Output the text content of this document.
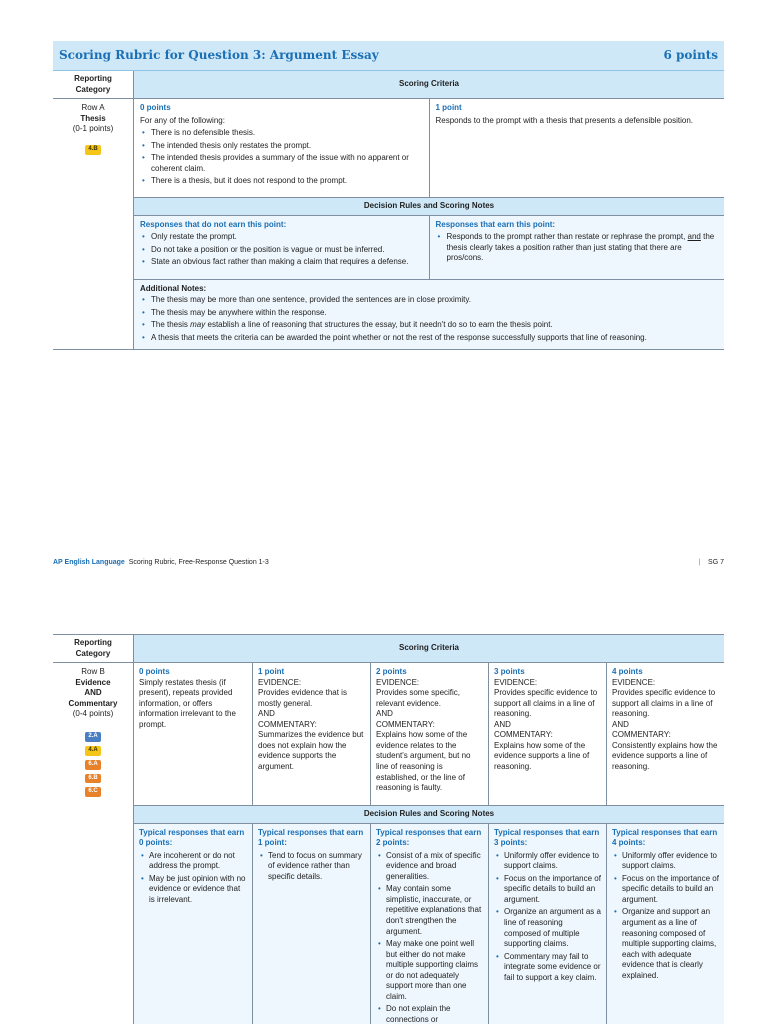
Scoring Rubric for Question 3: Argument Essay	6 points
Reporting Category
Scoring Criteria
Row A
Thesis
(0-1 points)
4.B
0 points
For any of the following:
• There is no defensible thesis.
• The intended thesis only restates the prompt.
• The intended thesis provides a summary of the issue with no apparent or coherent claim.
• There is a thesis, but it does not respond to the prompt.
1 point
Responds to the prompt with a thesis that presents a defensible position.
Decision Rules and Scoring Notes
Responses that do not earn this point:
• Only restate the prompt.
• Do not take a position or the position is vague or must be inferred.
• State an obvious fact rather than making a claim that requires a defense.
Responses that earn this point:
• Responds to the prompt rather than restate or rephrase the prompt, and the thesis clearly takes a position rather than just stating that there are pros/cons.
Additional Notes:
• The thesis may be more than one sentence, provided the sentences are in close proximity.
• The thesis may be anywhere within the response.
• The thesis may establish a line of reasoning that structures the essay, but it needn't do so to earn the thesis point.
• A thesis that meets the criteria can be awarded the point whether or not the rest of the response successfully supports that line of reasoning.
AP English Language Scoring Rubric, Free-Response Question 1-3	| SG 7
Reporting Category
Scoring Criteria
Row B
Evidence
AND
Commentary
(0-4 points)
2.A
4.A
6.A
6.B
6.C
0 points
Simply restates thesis (if present), repeats provided information, or offers information irrelevant to the prompt.
1 point
EVIDENCE:
Provides evidence that is mostly general.
AND
COMMENTARY:
Summarizes the evidence but does not explain how the evidence supports the argument.
2 points
EVIDENCE:
Provides some specific, relevant evidence.
AND
COMMENTARY:
Explains how some of the evidence relates to the student's argument, but no line of reasoning is established, or the line of reasoning is faulty.
3 points
EVIDENCE:
Provides specific evidence to support all claims in a line of reasoning.
AND
COMMENTARY:
Explains how some of the evidence supports a line of reasoning.
4 points
EVIDENCE:
Provides specific evidence to support all claims in a line of reasoning.
AND
COMMENTARY:
Consistently explains how the evidence supports a line of reasoning.
Decision Rules and Scoring Notes
Typical responses that earn 0 points:
• Are incoherent or do not address the prompt.
• May be just opinion with no evidence or evidence that is irrelevant.
Typical responses that earn 1 point:
• Tend to focus on summary of evidence rather than specific details.
Typical responses that earn 2 points:
• Consist of a mix of specific evidence and broad generalities.
• May contain some simplistic, inaccurate, or repetitive explanations that don't strengthen the argument.
• May make one point well but either do not make multiple supporting claims or do not adequately support more than one claim.
• Do not explain the connections or
Typical responses that earn 3 points:
• Uniformly offer evidence to support claims.
• Focus on the importance of specific details to build an argument.
• Organize an argument as a line of reasoning composed of multiple supporting claims.
• Commentary may fail to integrate some evidence or fail to support a key claim.
Typical responses that earn 4 points:
• Uniformly offer evidence to support claims.
• Focus on the importance of specific details to build an argument.
• Organize and support an argument as a line of reasoning composed of multiple supporting claims, each with adequate evidence that is clearly explained.
